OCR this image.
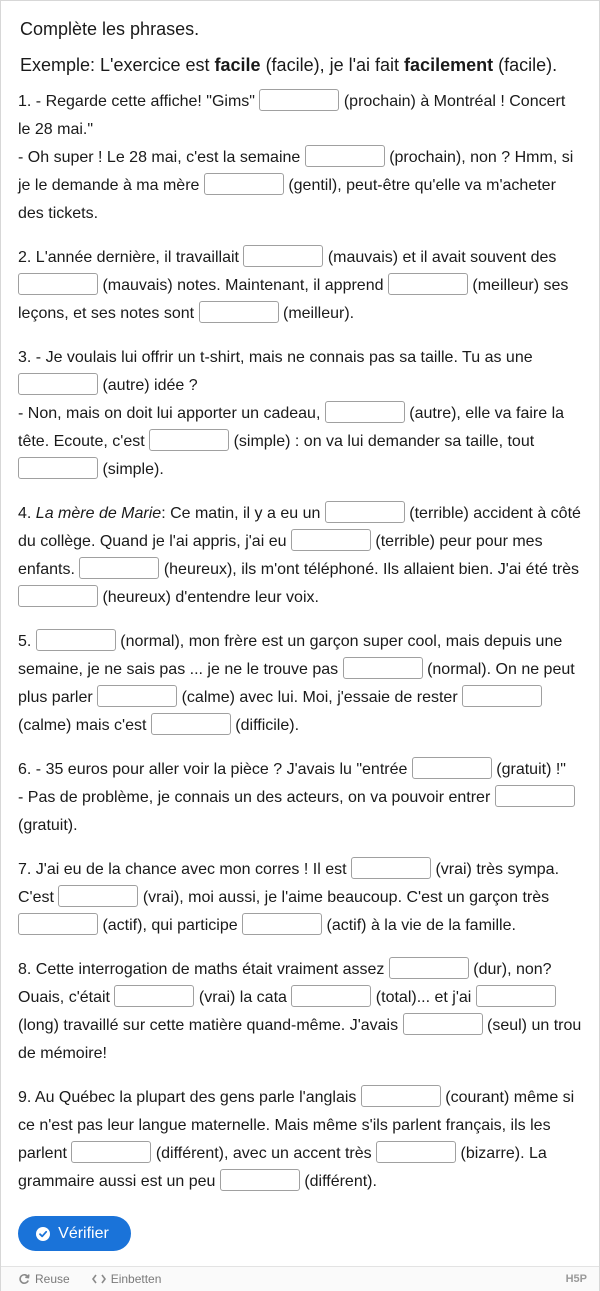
Complète les phrases.
Exemple: L'exercice est facile (facile), je l'ai fait facilement (facile).

1. - Regarde cette affiche! "Gims"	(prochain) à Montréal ! Concert le 28 mai."
- Oh super ! Le 28 mai, c'est la semaine	(prochain), non ? Hmm, si je le demande à ma mère	(gentil), peut-être qu'elle va m'acheter des tickets.

2. L'année dernière, il travaillait	(mauvais) et il avait souvent des  (mauvais) notes. Maintenant, il apprend	(meilleur) ses leçons, et ses notes sont	(meilleur).

3. - Je voulais lui offrir un t-shirt, mais ne connais pas sa taille. Tu as une  (autre) idée ?
- Non, mais on doit lui apporter un cadeau,	(autre), elle va faire la tête. Ecoute, c'est	(simple) : on va lui demander sa taille, tout  (simple).

4. La mère de Marie: Ce matin, il y a eu un	(terrible) accident à côté du collège. Quand je l'ai appris, j'ai eu	(terrible) peur pour mes enfants.	(heureux), ils m'ont téléphoné. Ils allaient bien. J'ai été très  (heureux) d'entendre leur voix.

5.	(normal), mon frère est un garçon super cool, mais depuis une semaine, je ne sais pas ... je ne le trouve pas	(normal). On ne peut plus parler	(calme) avec lui. Moi, j'essaie de rester  (calme) mais c'est	(difficile).

6. - 35 euros pour aller voir la pièce ? J'avais lu "entrée	(gratuit) !"
- Pas de problème, je connais un des acteurs, on va pouvoir entrer  (gratuit).

7. J'ai eu de la chance avec mon corres ! Il est	(vrai) très sympa. C'est	(vrai), moi aussi, je l'aime beaucoup. C'est un garçon très  (actif), qui participe	(actif) à la vie de la famille.

8. Cette interrogation de maths était vraiment assez	(dur), non? Ouais, c'était	(vrai) la cata	(total)... et j'ai  (long) travaillé sur cette matière quand-même. J'avais	(seul) un trou de mémoire!

9. Au Québec la plupart des gens parle l'anglais	(courant) même si ce n'est pas leur langue maternelle. Mais même s'ils parlent français, ils les parlent	(différent), avec un accent très	(bizarre). La grammaire aussi est un peu	(différent).

Vérifier
Reuse	Einbetten	H5P
